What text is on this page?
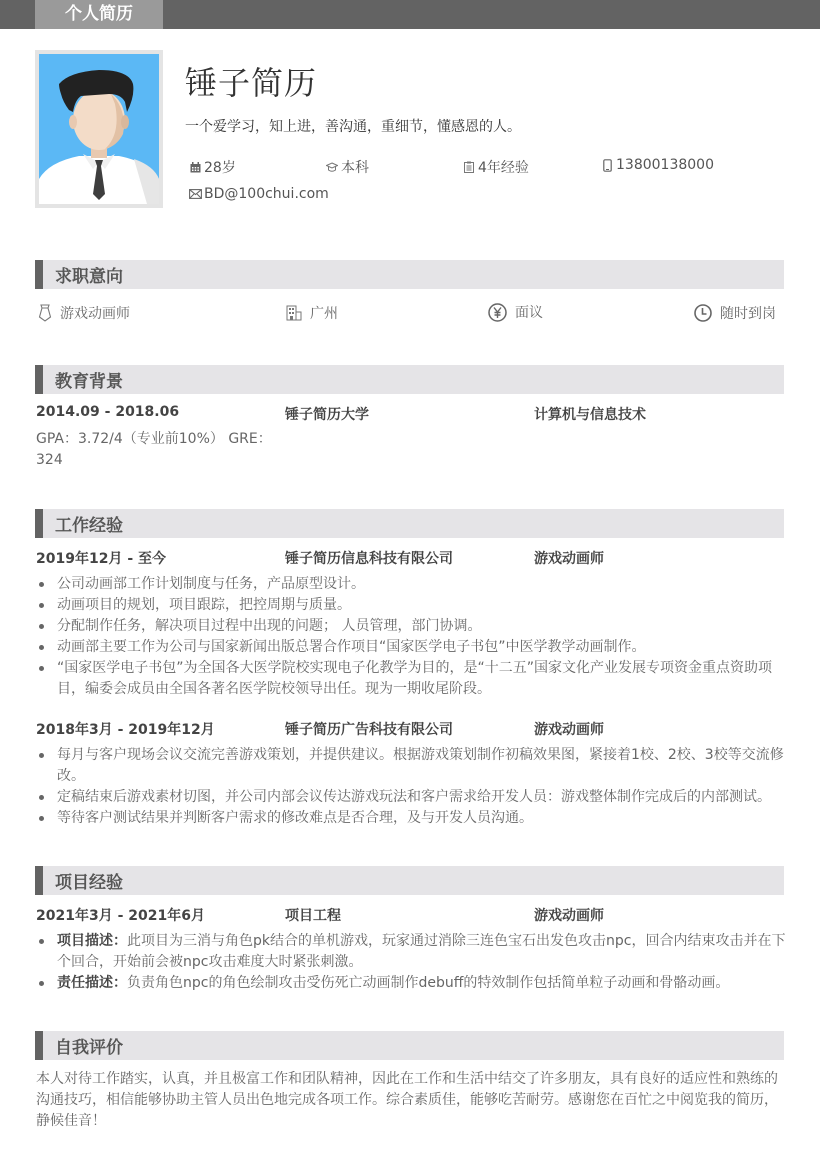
个人简历
锤子简历
一个爱学习，知上进，善沟通，重细节，懂感恩的人。
28岁	本科	4年经验	13800138000
BD@100chui.com
求职意向
游戏动画师	广州	面议	随时到岗
教育背景
2014.09 - 2018.06	锤子简历大学	计算机与信息技术
GPA：3.72/4（专业前10%） GRE：
324
工作经验
2019年12月 - 至今	锤子简历信息科技有限公司	游戏动画师
公司动画部工作计划制度与任务，产品原型设计。
动画项目的规划，项目跟踪，把控周期与质量。
分配制作任务，解决项目过程中出现的问题； 人员管理，部门协调。
动画部主要工作为公司与国家新闻出版总署合作项目“国家医学电子书包”中医学教学动画制作。
“国家医学电子书包”为全国各大医学院校实现电子化教学为目的，是“十二五”国家文化产业发展专项资金重点资助项目，编委会成员由全国各著名医学院校领导出任。现为一期收尾阶段。
2018年3月 - 2019年12月	锤子简历广告科技有限公司	游戏动画师
每月与客户现场会议交流完善游戏策划，并提供建议。根据游戏策划制作初稿效果图，紧接着1校、2校、3校等交流修改。
定稿结束后游戏素材切图，并公司内部会议传达游戏玩法和客户需求给开发人员：游戏整体制作完成后的内部测试。
等待客户测试结果并判断客户需求的修改难点是否合理，及与开发人员沟通。
项目经验
2021年3月 - 2021年6月	项目工程	游戏动画师
项目描述：此项目为三消与角色pk结合的单机游戏，玩家通过消除三连色宝石出发色攻击npc，回合内结束攻击并在下个回合，开始前会被npc攻击难度大时紧张刺激。
责任描述：负责角色npc的角色绘制攻击受伤死亡动画制作debuff的特效制作包括简单粒子动画和骨骼动画。
自我评价
本人对待工作踏实，认真，并且极富工作和团队精神，因此在工作和生活中结交了许多朋友，具有良好的适应性和熟练的沟通技巧，相信能够协助主管人员出色地完成各项工作。综合素质佳，能够吃苦耐劳。感谢您在百忙之中阅览我的简历，静候佳音！
